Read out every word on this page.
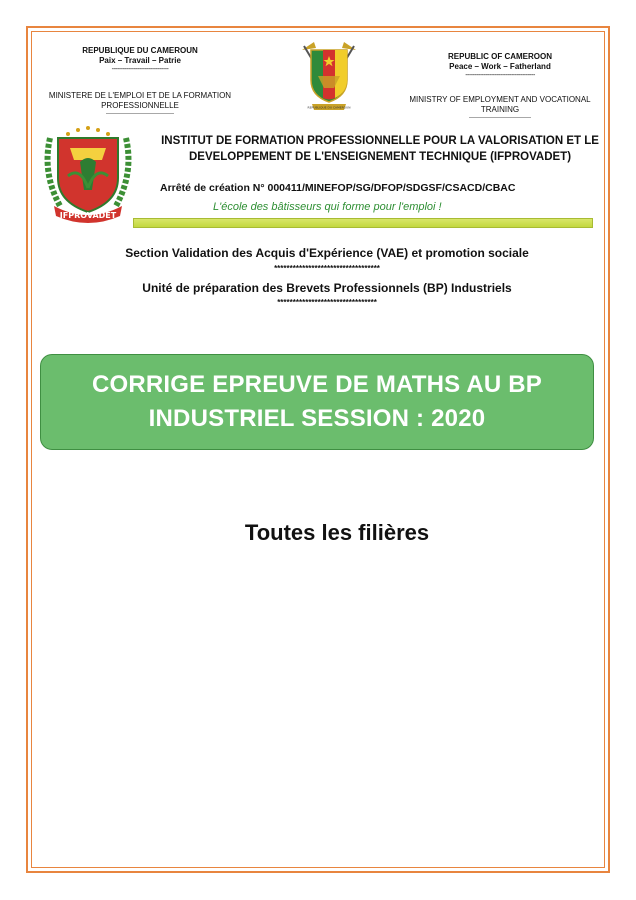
REPUBLIQUE DU CAMEROUN
Paix – Travail – Patrie
-------------------------------
MINISTERE DE L'EMPLOI ET DE LA FORMATION PROFESSIONNELLE
----------------------------------
REPUBLIC OF CAMEROON
Peace – Work – Fatherland
--------------------------------------
MINISTRY OF EMPLOYMENT AND VOCATIONAL TRAINING
-------------------------------
REPUBLIQUE DU CAMEROUN
IFPROVADET
INSTITUT DE FORMATION PROFESSIONNELLE POUR LA VALORISATION ET LE
DEVELOPPEMENT DE L'ENSEIGNEMENT TECHNIQUE (IFPROVADET)
Arrêté de création N° 000411/MINEFOP/SG/DFOP/SDGSF/CSACD/CBAC
L'école des bâtisseurs qui forme pour l'emploi !
Section Validation des Acquis d'Expérience (VAE) et promotion sociale
**********************************
Unité de préparation des Brevets Professionnels (BP) Industriels
********************************
CORRIGE EPREUVE DE MATHS AU BP
INDUSTRIEL SESSION : 2020
Toutes les filières
